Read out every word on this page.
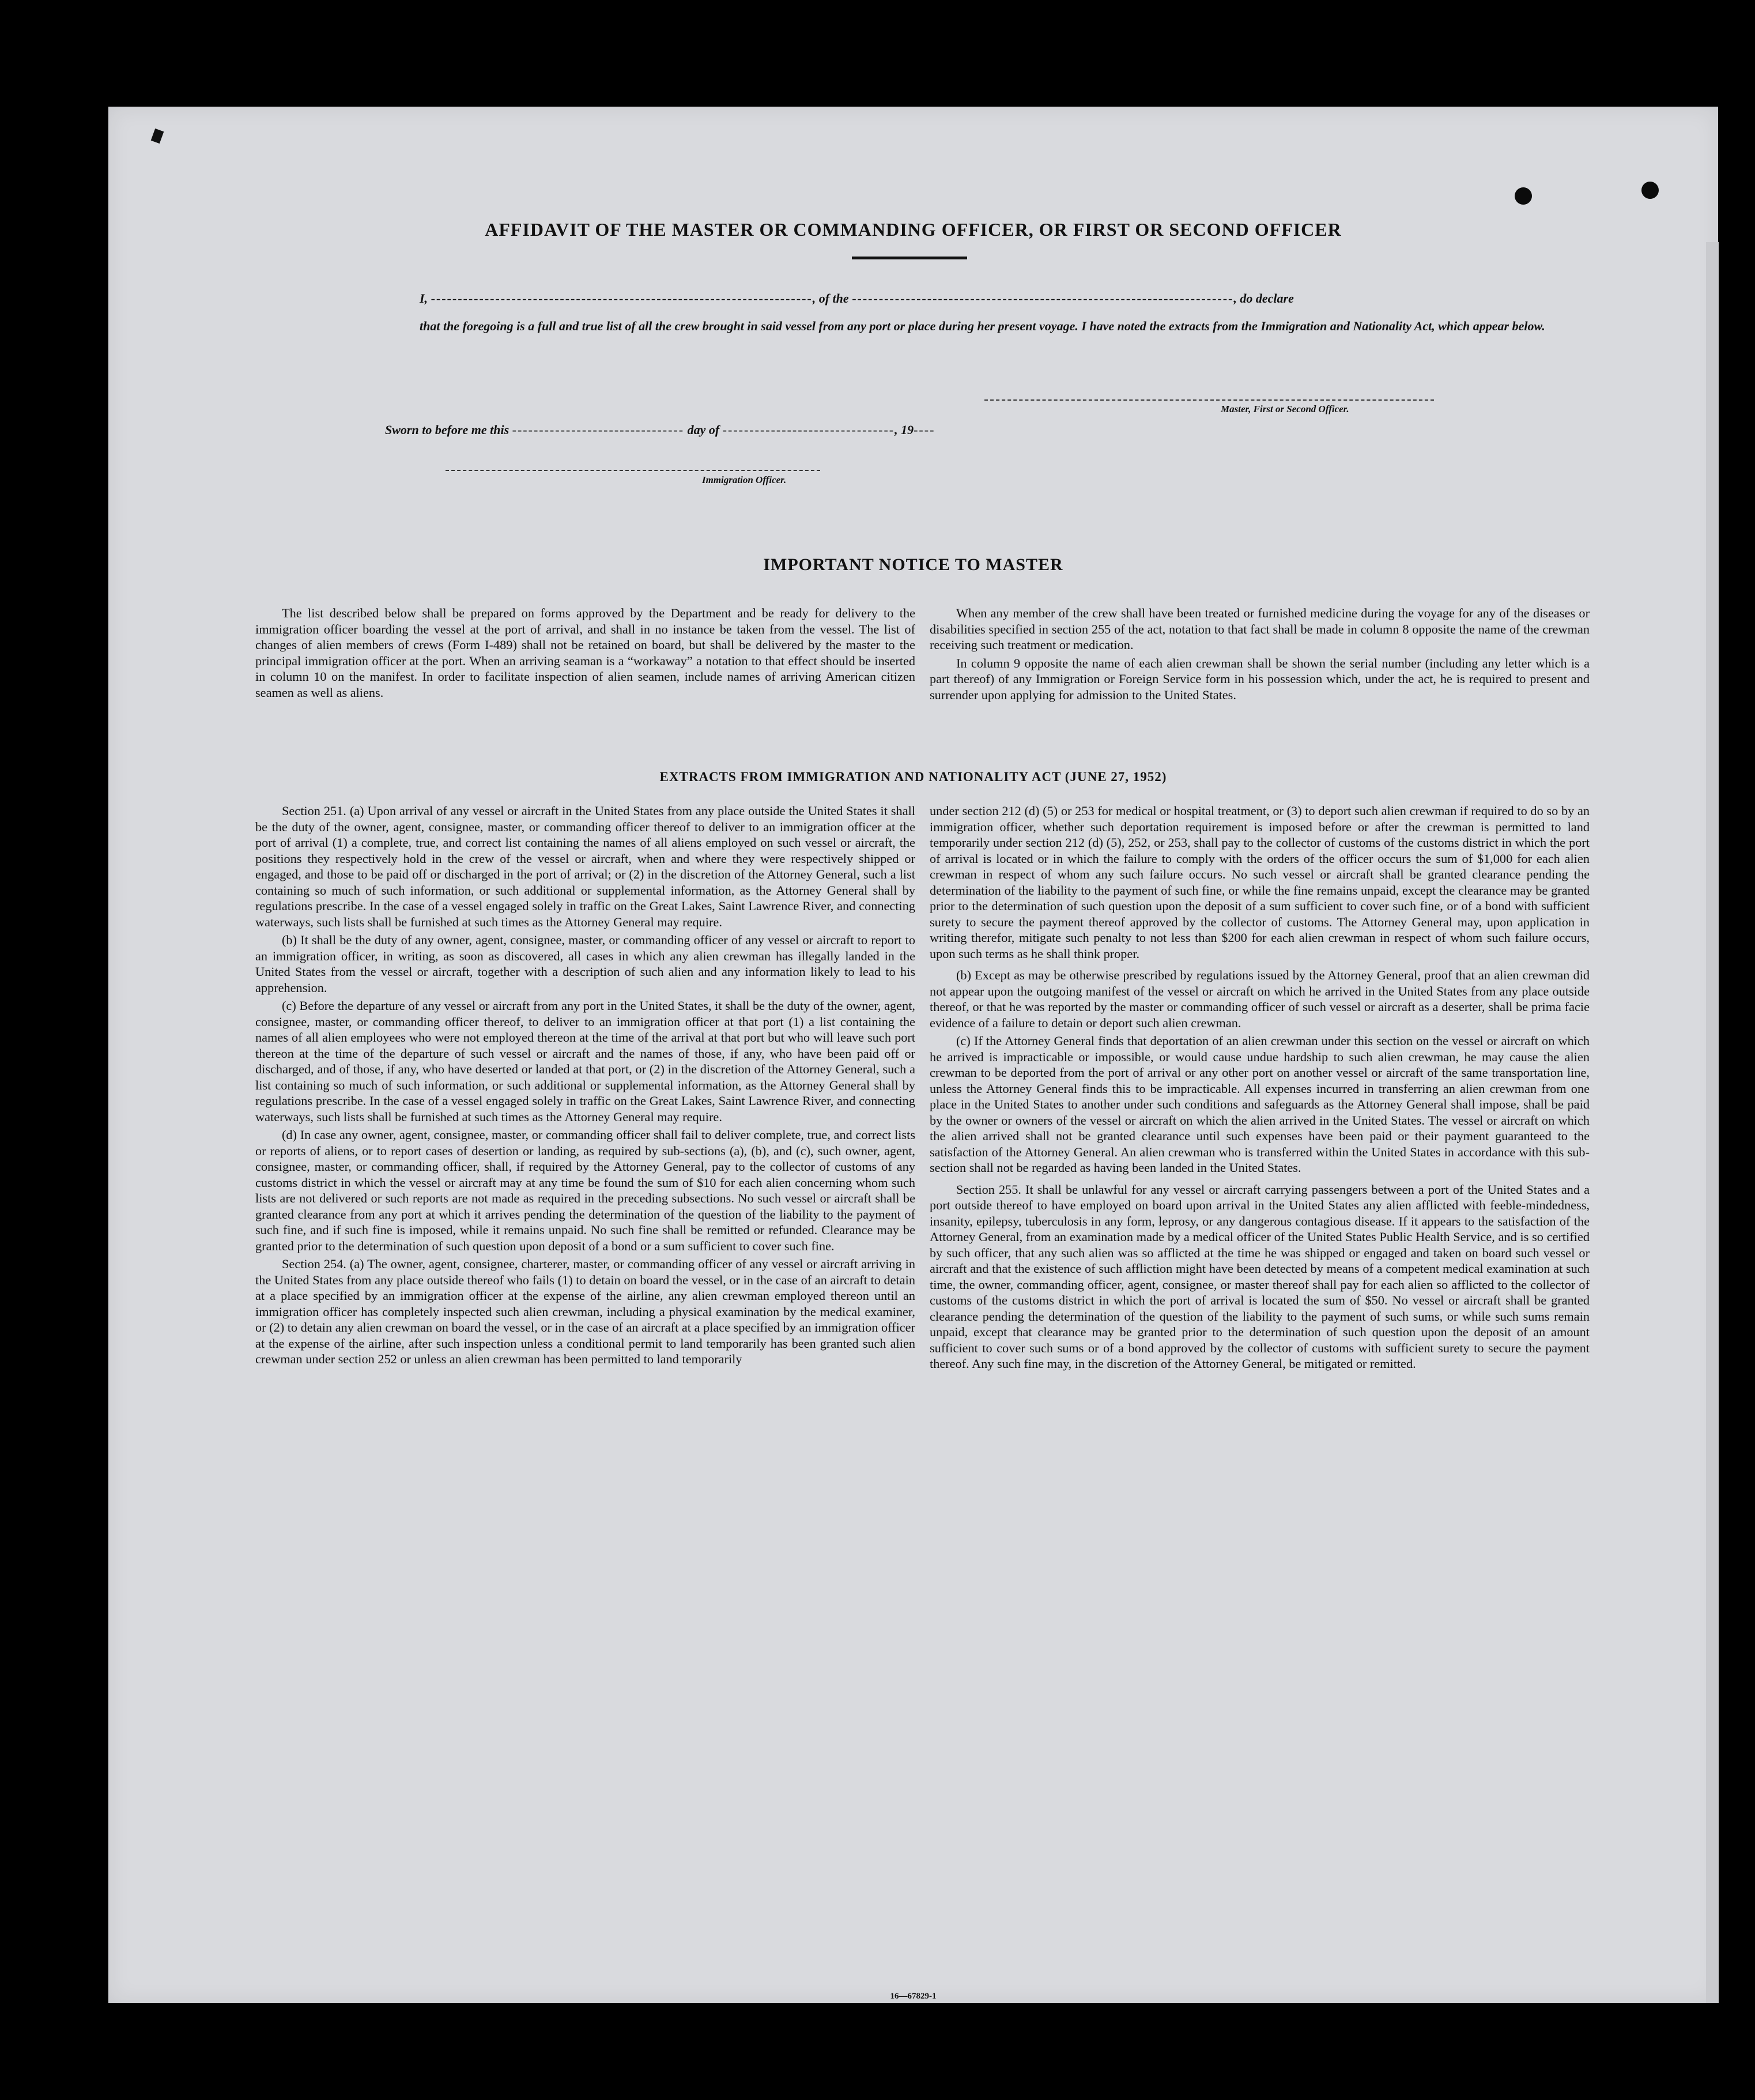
AFFIDAVIT OF THE MASTER OR COMMANDING OFFICER, OR FIRST OR SECOND OFFICER
I, -----------------------------------------------------------------------, of the -----------------------------------------------------------------------, do declare
that the foregoing is a full and true list of all the crew brought in said vessel from any port or place during her present voyage. I have noted the extracts from the Immigration and Nationality Act, which appear below.
Master, First or Second Officer.
Sworn to before me this -------------------------------- day of --------------------------------, 19----
Immigration Officer.
IMPORTANT NOTICE TO MASTER

The list described below shall be prepared on forms approved by the Department and be ready for delivery to the immigration officer boarding the vessel at the port of arrival, and shall in no instance be taken from the vessel. The list of changes of alien members of crews (Form I-489) shall not be retained on board, but shall be delivered by the master to the principal immigration officer at the port. When an arriving seaman is a “workaway” a notation to that effect should be inserted in column 10 on the manifest. In order to facilitate inspection of alien seamen, include names of arriving American citizen seamen as well as aliens.

When any member of the crew shall have been treated or furnished medicine during the voyage for any of the diseases or disabilities specified in section 255 of the act, notation to that fact shall be made in column 8 opposite the name of the crewman receiving such treatment or medication.

In column 9 opposite the name of each alien crewman shall be shown the serial number (including any letter which is a part thereof) of any Immigration or Foreign Service form in his possession which, under the act, he is required to present and surrender upon applying for admission to the United States.

EXTRACTS FROM IMMIGRATION AND NATIONALITY ACT (JUNE 27, 1952)

Section 251. (a) Upon arrival of any vessel or aircraft in the United States from any place outside the United States it shall be the duty of the owner, agent, consignee, master, or commanding officer thereof to deliver to an immigration officer at the port of arrival (1) a complete, true, and correct list containing the names of all aliens employed on such vessel or aircraft, the positions they respectively hold in the crew of the vessel or aircraft, when and where they were respectively shipped or engaged, and those to be paid off or discharged in the port of arrival; or (2) in the discretion of the Attorney General, such a list containing so much of such information, or such additional or supplemental information, as the Attorney General shall by regulations prescribe. In the case of a vessel engaged solely in traffic on the Great Lakes, Saint Lawrence River, and connecting waterways, such lists shall be furnished at such times as the Attorney General may require.

(b) It shall be the duty of any owner, agent, consignee, master, or commanding officer of any vessel or aircraft to report to an immigration officer, in writing, as soon as discovered, all cases in which any alien crewman has illegally landed in the United States from the vessel or aircraft, together with a description of such alien and any information likely to lead to his apprehension.

(c) Before the departure of any vessel or aircraft from any port in the United States, it shall be the duty of the owner, agent, consignee, master, or commanding officer thereof, to deliver to an immigration officer at that port (1) a list containing the names of all alien employees who were not employed thereon at the time of the arrival at that port but who will leave such port thereon at the time of the departure of such vessel or aircraft and the names of those, if any, who have been paid off or discharged, and of those, if any, who have deserted or landed at that port, or (2) in the discretion of the Attorney General, such a list containing so much of such information, or such additional or supplemental information, as the Attorney General shall by regulations prescribe. In the case of a vessel engaged solely in traffic on the Great Lakes, Saint Lawrence River, and connecting waterways, such lists shall be furnished at such times as the Attorney General may require.

(d) In case any owner, agent, consignee, master, or commanding officer shall fail to deliver complete, true, and correct lists or reports of aliens, or to report cases of desertion or landing, as required by sub-sections (a), (b), and (c), such owner, agent, consignee, master, or commanding officer, shall, if required by the Attorney General, pay to the collector of customs of any customs district in which the vessel or aircraft may at any time be found the sum of $10 for each alien concerning whom such lists are not delivered or such reports are not made as required in the preceding subsections. No such vessel or aircraft shall be granted clearance from any port at which it arrives pending the determination of the question of the liability to the payment of such fine, and if such fine is imposed, while it remains unpaid. No such fine shall be remitted or refunded. Clearance may be granted prior to the determination of such question upon deposit of a bond or a sum sufficient to cover such fine.

Section 254. (a) The owner, agent, consignee, charterer, master, or commanding officer of any vessel or aircraft arriving in the United States from any place outside thereof who fails (1) to detain on board the vessel, or in the case of an aircraft to detain at a place specified by an immigration officer at the expense of the airline, any alien crewman employed thereon until an immigration officer has completely inspected such alien crewman, including a physical examination by the medical examiner, or (2) to detain any alien crewman on board the vessel, or in the case of an aircraft at a place specified by an immigration officer at the expense of the airline, after such inspection unless a conditional permit to land temporarily has been granted such alien crewman under section 252 or unless an alien crewman has been permitted to land temporarily

under section 212 (d) (5) or 253 for medical or hospital treatment, or (3) to deport such alien crewman if required to do so by an immigration officer, whether such deportation requirement is imposed before or after the crewman is permitted to land temporarily under section 212 (d) (5), 252, or 253, shall pay to the collector of customs of the customs district in which the port of arrival is located or in which the failure to comply with the orders of the officer occurs the sum of $1,000 for each alien crewman in respect of whom any such failure occurs. No such vessel or aircraft shall be granted clearance pending the determination of the liability to the payment of such fine, or while the fine remains unpaid, except the clearance may be granted prior to the determination of such question upon the deposit of a sum sufficient to cover such fine, or of a bond with sufficient surety to secure the payment thereof approved by the collector of customs. The Attorney General may, upon application in writing therefor, mitigate such penalty to not less than $200 for each alien crewman in respect of whom such failure occurs, upon such terms as he shall think proper.

(b) Except as may be otherwise prescribed by regulations issued by the Attorney General, proof that an alien crewman did not appear upon the outgoing manifest of the vessel or aircraft on which he arrived in the United States from any place outside thereof, or that he was reported by the master or commanding officer of such vessel or aircraft as a deserter, shall be prima facie evidence of a failure to detain or deport such alien crewman.

(c) If the Attorney General finds that deportation of an alien crewman under this section on the vessel or aircraft on which he arrived is impracticable or impossible, or would cause undue hardship to such alien crewman, he may cause the alien crewman to be deported from the port of arrival or any other port on another vessel or aircraft of the same transportation line, unless the Attorney General finds this to be impracticable. All expenses incurred in transferring an alien crewman from one place in the United States to another under such conditions and safeguards as the Attorney General shall impose, shall be paid by the owner or owners of the vessel or aircraft on which the alien arrived in the United States. The vessel or aircraft on which the alien arrived shall not be granted clearance until such expenses have been paid or their payment guaranteed to the satisfaction of the Attorney General. An alien crewman who is transferred within the United States in accordance with this sub-section shall not be regarded as having been landed in the United States.

Section 255. It shall be unlawful for any vessel or aircraft carrying passengers between a port of the United States and a port outside thereof to have employed on board upon arrival in the United States any alien afflicted with feeble-mindedness, insanity, epilepsy, tuberculosis in any form, leprosy, or any dangerous contagious disease. If it appears to the satisfaction of the Attorney General, from an examination made by a medical officer of the United States Public Health Service, and is so certified by such officer, that any such alien was so afflicted at the time he was shipped or engaged and taken on board such vessel or aircraft and that the existence of such affliction might have been detected by means of a competent medical examination at such time, the owner, commanding officer, agent, consignee, or master thereof shall pay for each alien so afflicted to the collector of customs of the customs district in which the port of arrival is located the sum of $50. No vessel or aircraft shall be granted clearance pending the determination of the question of the liability to the payment of such sums, or while such sums remain unpaid, except that clearance may be granted prior to the determination of such question upon the deposit of an amount sufficient to cover such sums or of a bond approved by the collector of customs with sufficient surety to secure the payment thereof. Any such fine may, in the discretion of the Attorney General, be mitigated or remitted.

16—67829-1
